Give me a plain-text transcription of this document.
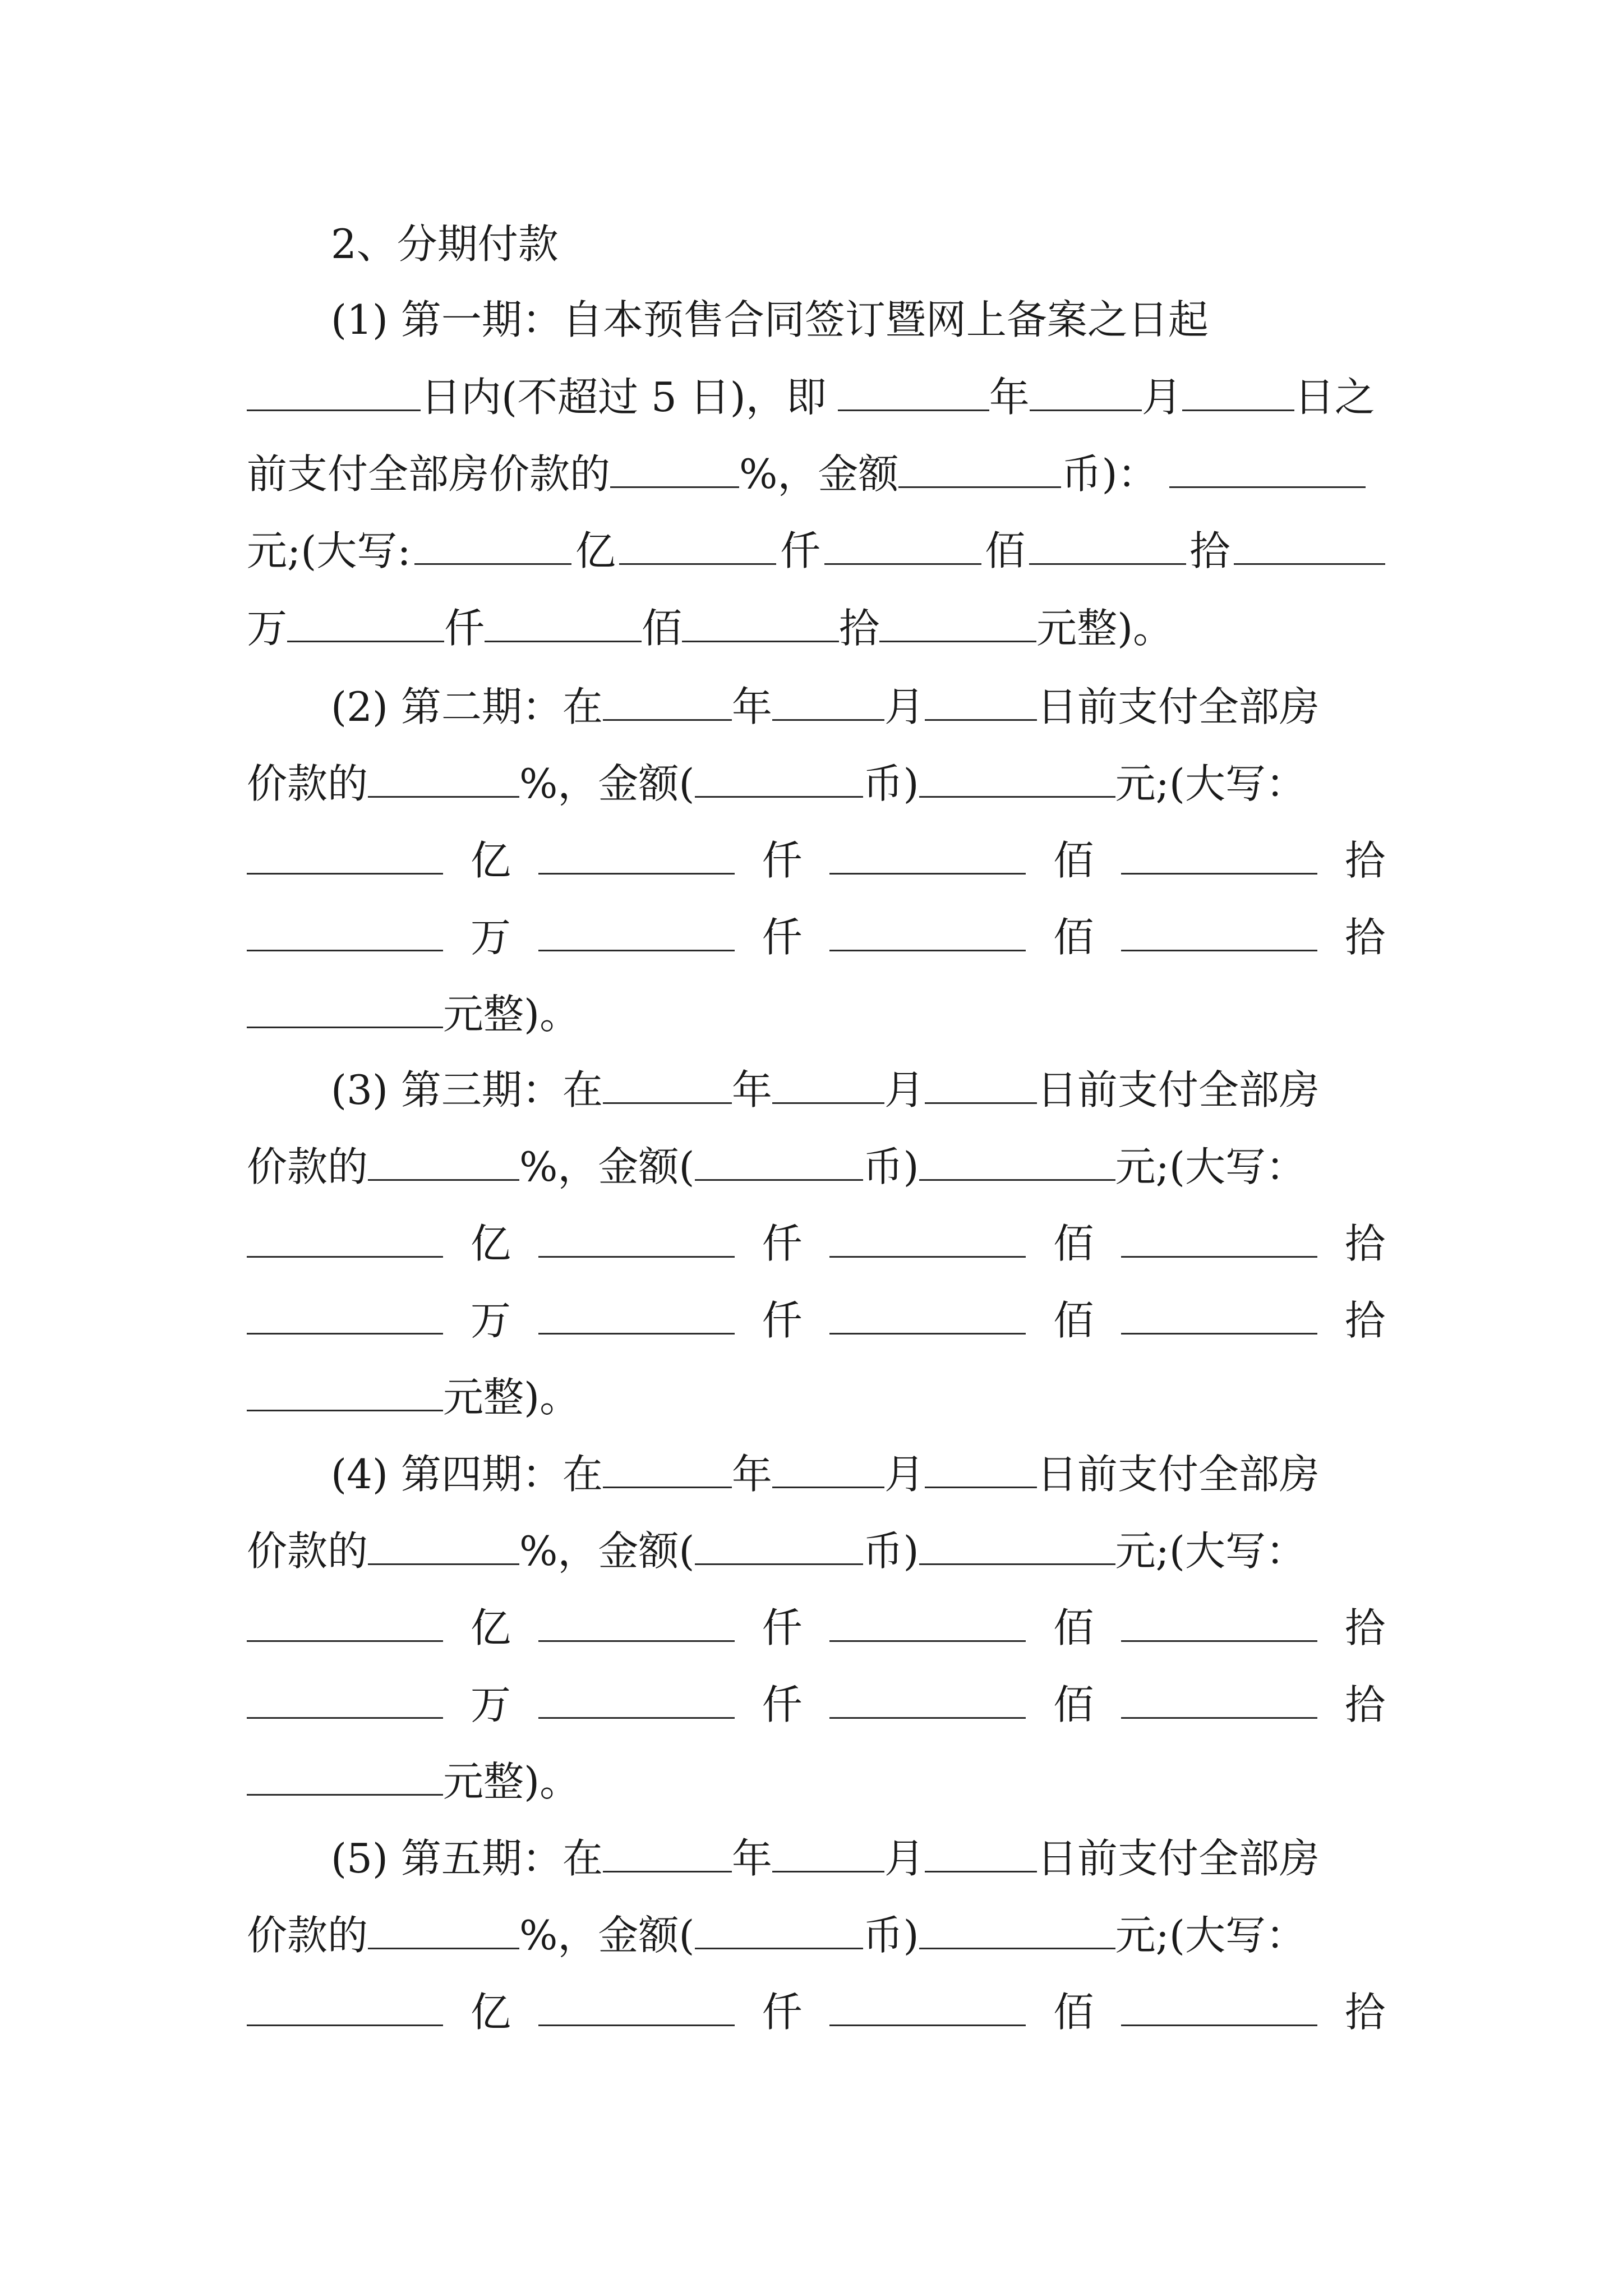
2、分期付款
(1) 第一期：自本预售合同签订暨网上备案之日起
日内(不超过 5 日)，即	年	月	日之
前支付全部房价款的	%，金额	币)：
元;(大写:	亿	仟	佰	拾
万	仟	佰	拾	元整)。
(2) 第二期：在	年	月	日前支付全部房
价款的	%，金额(	币)	元;(大写：
亿	仟	佰	拾
万	仟	佰	拾
元整)。
(3) 第三期：在	年	月	日前支付全部房
价款的	%，金额(	币)	元;(大写：
亿	仟	佰	拾
万	仟	佰	拾
元整)。
(4) 第四期：在	年	月	日前支付全部房
价款的	%，金额(	币)	元;(大写：
亿	仟	佰	拾
万	仟	佰	拾
元整)。
(5) 第五期：在	年	月	日前支付全部房
价款的	%，金额(	币)	元;(大写：
亿	仟	佰	拾
